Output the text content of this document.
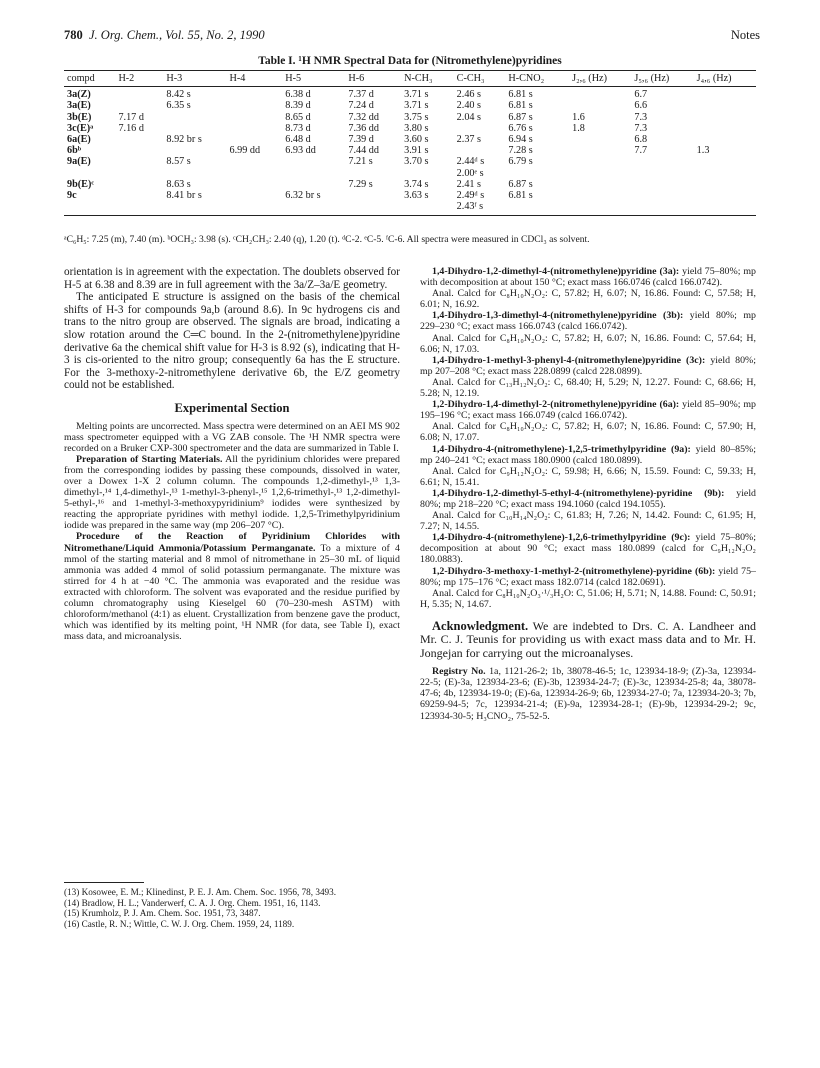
780 J. Org. Chem., Vol. 55, No. 2, 1990	Notes
Table I. ¹H NMR Spectral Data for (Nitromethylene)pyridines
compd	H-2	H-3	H-4	H-5	H-6	N-CH₃	C-CH₃	H-CNO₂	J₂,₆ (Hz)	J₅,₆ (Hz)	J₄,₆ (Hz)
3a(Z)		8.42 s		6.38 d	7.37 d	3.71 s	2.46 s	6.81 s		6.7	
3a(E)		6.35 s		8.39 d	7.24 d	3.71 s	2.40 s	6.81 s		6.6	
3b(E)	7.17 d			8.65 d	7.32 dd	3.75 s	2.04 s	6.87 s	1.6	7.3	
3c(E)ᵃ	7.16 d			8.73 d	7.36 dd	3.80 s		6.76 s	1.8	7.3	
6a(E)		8.92 br s		6.48 d	7.39 d	3.60 s	2.37 s	6.94 s		6.8	
6bᵇ			6.99 dd	6.93 dd	7.44 dd	3.91 s		7.28 s		7.7	1.3
9a(E)		8.57 s			7.21 s	3.70 s	2.44ᵈ s	6.79 s			
							2.00ᵉ s				
9b(E)ᶜ		8.63 s			7.29 s	3.74 s	2.41 s	6.87 s			
9c		8.41 br s		6.32 br s		3.63 s	2.49ᵈ s	6.81 s			
							2.43ᶠ s				
ᵃC₆H₅: 7.25 (m), 7.40 (m). ᵇOCH₃: 3.98 (s). ᶜCH₂CH₃: 2.40 (q), 1.20 (t). ᵈC-2. ᵉC-5. ᶠC-6. All spectra were measured in CDCl₃ as solvent.

orientation is in agreement with the expectation. The doublets observed for H-5 at 6.38 and 8.39 are in full agreement with the 3a/Z–3a/E geometry.

The anticipated E structure is assigned on the basis of the chemical shifts of H-3 for compounds 9a,b (around 8.6). In 9c hydrogens cis and trans to the nitro group are observed. The signals are broad, indicating a slow rotation around the C═C bound. In the 2-(nitromethylene)pyridine derivative 6a the chemical shift value for H-3 is 8.92 (s), indicating that H-3 is cis-oriented to the nitro group; consequently 6a has the E structure. For the 3-methoxy-2-nitromethylene derivative 6b, the E/Z geometry could not be established.

Experimental Section

Melting points are uncorrected. Mass spectra were determined on an AEI MS 902 mass spectrometer equipped with a VG ZAB console. The ¹H NMR spectra were recorded on a Bruker CXP-300 spectrometer and the data are summarized in Table I.

Preparation of Starting Materials. All the pyridinium chlorides were prepared from the corresponding iodides by passing these compounds, dissolved in water, over a Dowex 1-X 2 column column. The compounds 1,2-dimethyl-,¹³ 1,3-dimethyl-,¹⁴ 1,4-dimethyl-,¹³ 1-methyl-3-phenyl-,¹⁵ 1,2,6-trimethyl-,¹³ 1,2-dimethyl-5-ethyl-,¹⁶ and 1-methyl-3-methoxypyridinium⁹ iodides were synthesized by reacting the appropriate pyridines with methyl iodide. 1,2,5-Trimethylpyridinium iodide was prepared in the same way (mp 206–207 °C).

Procedure of the Reaction of Pyridinium Chlorides with Nitromethane/Liquid Ammonia/Potassium Permanganate. To a mixture of 4 mmol of the starting material and 8 mmol of nitromethane in 25–30 mL of liquid ammonia was added 4 mmol of solid potassium permanganate. The mixture was stirred for 4 h at −40 °C. The ammonia was evaporated and the residue was extracted with chloroform. The solvent was evaporated and the residue purified by column chromatography using Kieselgel 60 (70–230-mesh ASTM) with chloroform/methanol (4:1) as eluent. Crystallization from benzene gave the product, which was identified by its melting point, ¹H NMR (for data, see Table I), exact mass data, and microanalysis.

(13) Kosowee, E. M.; Klinedinst, P. E. J. Am. Chem. Soc. 1956, 78, 3493.
(14) Bradlow, H. L.; Vanderwerf, C. A. J. Org. Chem. 1951, 16, 1143.
(15) Krumholz, P. J. Am. Chem. Soc. 1951, 73, 3487.
(16) Castle, R. N.; Wittle, C. W. J. Org. Chem. 1959, 24, 1189.

1,4-Dihydro-1,2-dimethyl-4-(nitromethylene)pyridine (3a): yield 75–80%; mp with decomposition at about 150 °C; exact mass 166.0746 (calcd 166.0742).

Anal. Calcd for C₈H₁₀N₂O₂: C, 57.82; H, 6.07; N, 16.86. Found: C, 57.58; H, 6.01; N, 16.92.

1,4-Dihydro-1,3-dimethyl-4-(nitromethylene)pyridine (3b): yield 80%; mp 229–230 °C; exact mass 166.0743 (calcd 166.0742).

Anal. Calcd for C₈H₁₀N₂O₂: C, 57.82; H, 6.07; N, 16.86. Found: C, 57.64; H, 6.06; N, 17.03.

1,4-Dihydro-1-methyl-3-phenyl-4-(nitromethylene)pyridine (3c): yield 80%; mp 207–208 °C; exact mass 228.0899 (calcd 228.0899).

Anal. Calcd for C₁₃H₁₂N₂O₂: C, 68.40; H, 5.29; N, 12.27. Found: C, 68.66; H, 5.28; N, 12.19.

1,2-Dihydro-1,4-dimethyl-2-(nitromethylene)pyridine (6a): yield 85–90%; mp 195–196 °C; exact mass 166.0749 (calcd 166.0742).

Anal. Calcd for C₈H₁₀N₂O₂: C, 57.82; H, 6.07; N, 16.86. Found: C, 57.90; H, 6.08; N, 17.07.

1,4-Dihydro-4-(nitromethylene)-1,2,5-trimethylpyridine (9a): yield 80–85%; mp 240–241 °C; exact mass 180.0900 (calcd 180.0899).

Anal. Calcd for C₉H₁₂N₂O₂: C, 59.98; H, 6.66; N, 15.59. Found: C, 59.33; H, 6.61; N, 15.41.

1,4-Dihydro-1,2-dimethyl-5-ethyl-4-(nitromethylene)-pyridine (9b): yield 80%; mp 218–220 °C; exact mass 194.1060 (calcd 194.1055).

Anal. Calcd for C₁₀H₁₄N₂O₂: C, 61.83; H, 7.26; N, 14.42. Found: C, 61.95; H, 7.27; N, 14.55.

1,4-Dihydro-4-(nitromethylene)-1,2,6-trimethylpyridine (9c): yield 75–80%; decomposition at about 90 °C; exact mass 180.0899 (calcd for C₉H₁₂N₂O₂ 180.0883).

1,2-Dihydro-3-methoxy-1-methyl-2-(nitromethylene)-pyridine (6b): yield 75–80%; mp 175–176 °C; exact mass 182.0714 (calcd 182.0691).

Anal. Calcd for C₈H₁₀N₂O₃·¹/₃H₂O: C, 51.06; H, 5.71; N, 14.88. Found: C, 50.91; H, 5.35; N, 14.67.

Acknowledgment. We are indebted to Drs. C. A. Landheer and Mr. C. J. Teunis for providing us with exact mass data and to Mr. H. Jongejan for carrying out the microanalyses.

Registry No. 1a, 1121-26-2; 1b, 38078-46-5; 1c, 123934-18-9; (Z)-3a, 123934-22-5; (E)-3a, 123934-23-6; (E)-3b, 123934-24-7; (E)-3c, 123934-25-8; 4a, 38078-47-6; 4b, 123934-19-0; (E)-6a, 123934-26-9; 6b, 123934-27-0; 7a, 123934-20-3; 7b, 69259-94-5; 7c, 123934-21-4; (E)-9a, 123934-28-1; (E)-9b, 123934-29-2; 9c, 123934-30-5; H₃CNO₂, 75-52-5.
